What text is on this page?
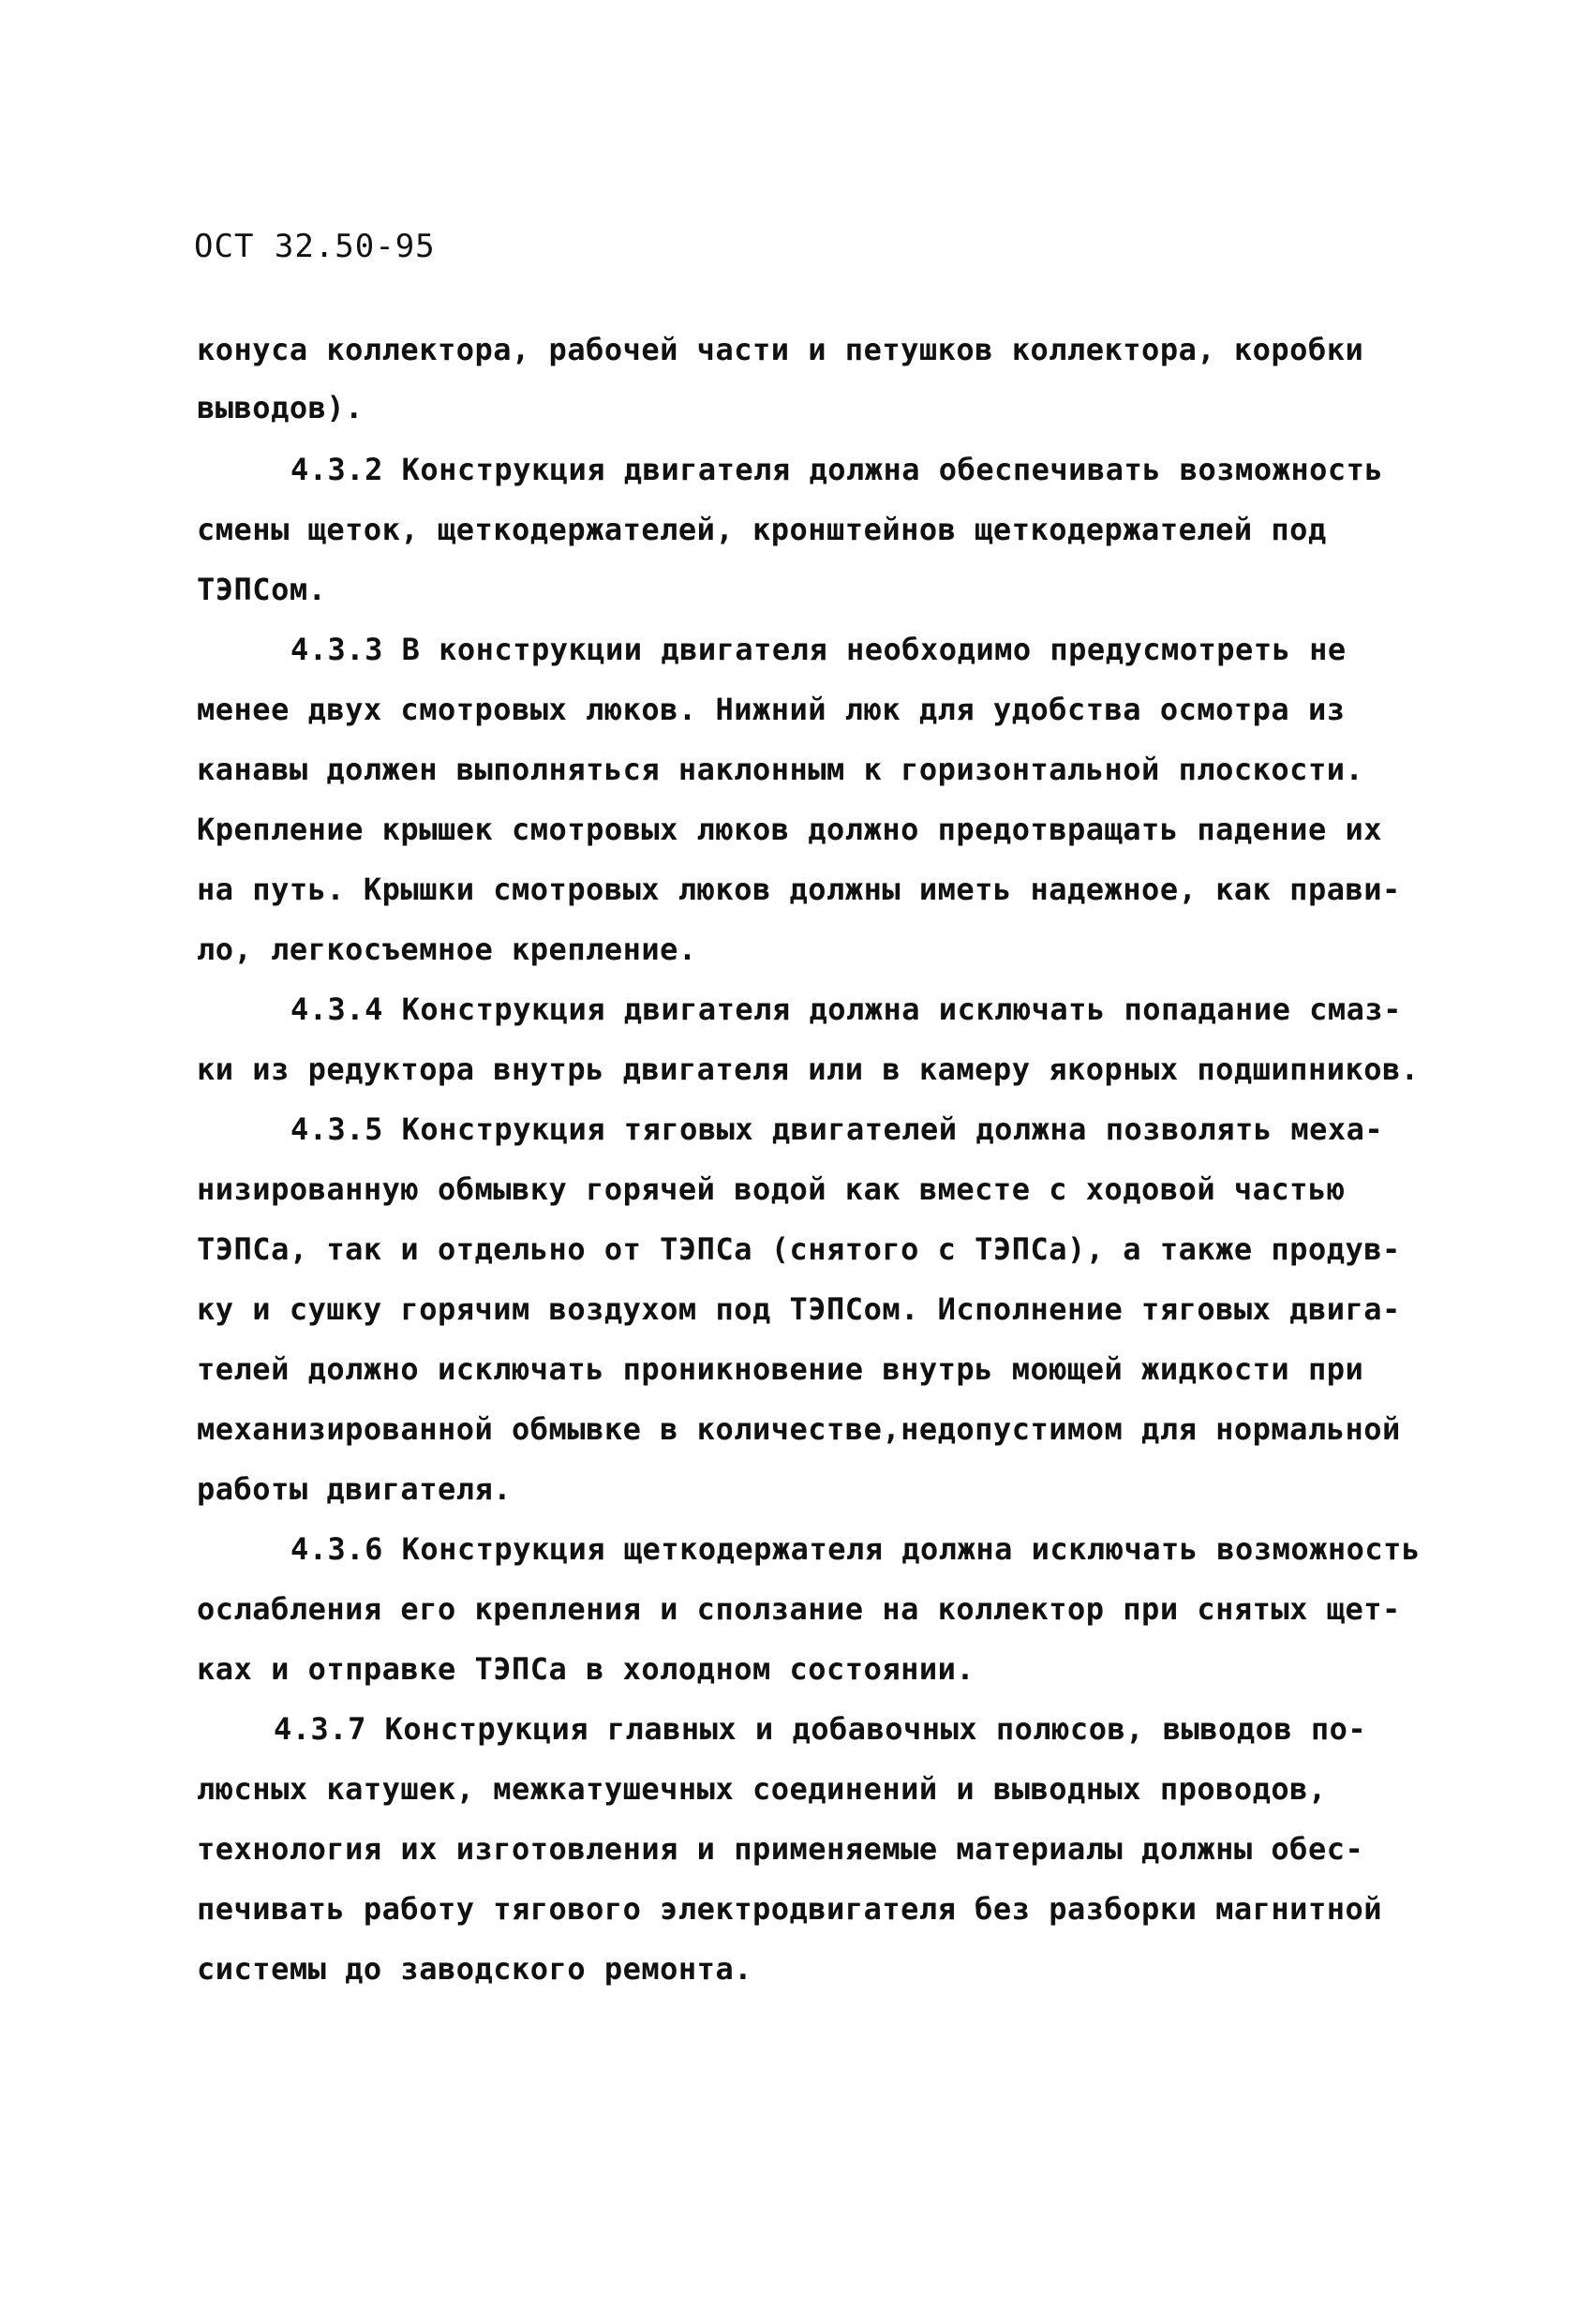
ОСТ 32.50-95
конуса коллектора, рабочей части и петушков коллектора, коробки
выводов).
4.3.2 Конструкция двигателя должна обеспечивать возможность
смены щеток, щеткодержателей, кронштейнов щеткодержателей под
ТЭПСом.
4.3.3 В конструкции двигателя необходимо предусмотреть не
менее двух смотровых люков. Нижний люк для удобства осмотра из
канавы должен выполняться наклонным к горизонтальной плоскости.
Крепление крышек смотровых люков должно предотвращать падение их
на путь. Крышки смотровых люков должны иметь надежное, как прави-
ло, легкосъемное крепление.
4.3.4 Конструкция двигателя должна исключать попадание смаз-
ки из редуктора внутрь двигателя или в камеру якорных подшипников.
4.3.5 Конструкция тяговых двигателей должна позволять меха-
низированную обмывку горячей водой как вместе с ходовой частью
ТЭПСа, так и отдельно от ТЭПСа (снятого с ТЭПСа), а также продув-
ку и сушку горячим воздухом под ТЭПСом. Исполнение тяговых двига-
телей должно исключать проникновение внутрь моющей жидкости при
механизированной обмывке в количестве,недопустимом для нормальной
работы двигателя.
4.3.6 Конструкция щеткодержателя должна исключать возможность
ослабления его крепления и сползание на коллектор при снятых щет-
ках и отправке ТЭПСа в холодном состоянии.
4.3.7 Конструкция главных и добавочных полюсов, выводов по-
люсных катушек, межкатушечных соединений и выводных проводов,
технология их изготовления и применяемые материалы должны обес-
печивать работу тягового электродвигателя без разборки магнитной
системы до заводского ремонта.
